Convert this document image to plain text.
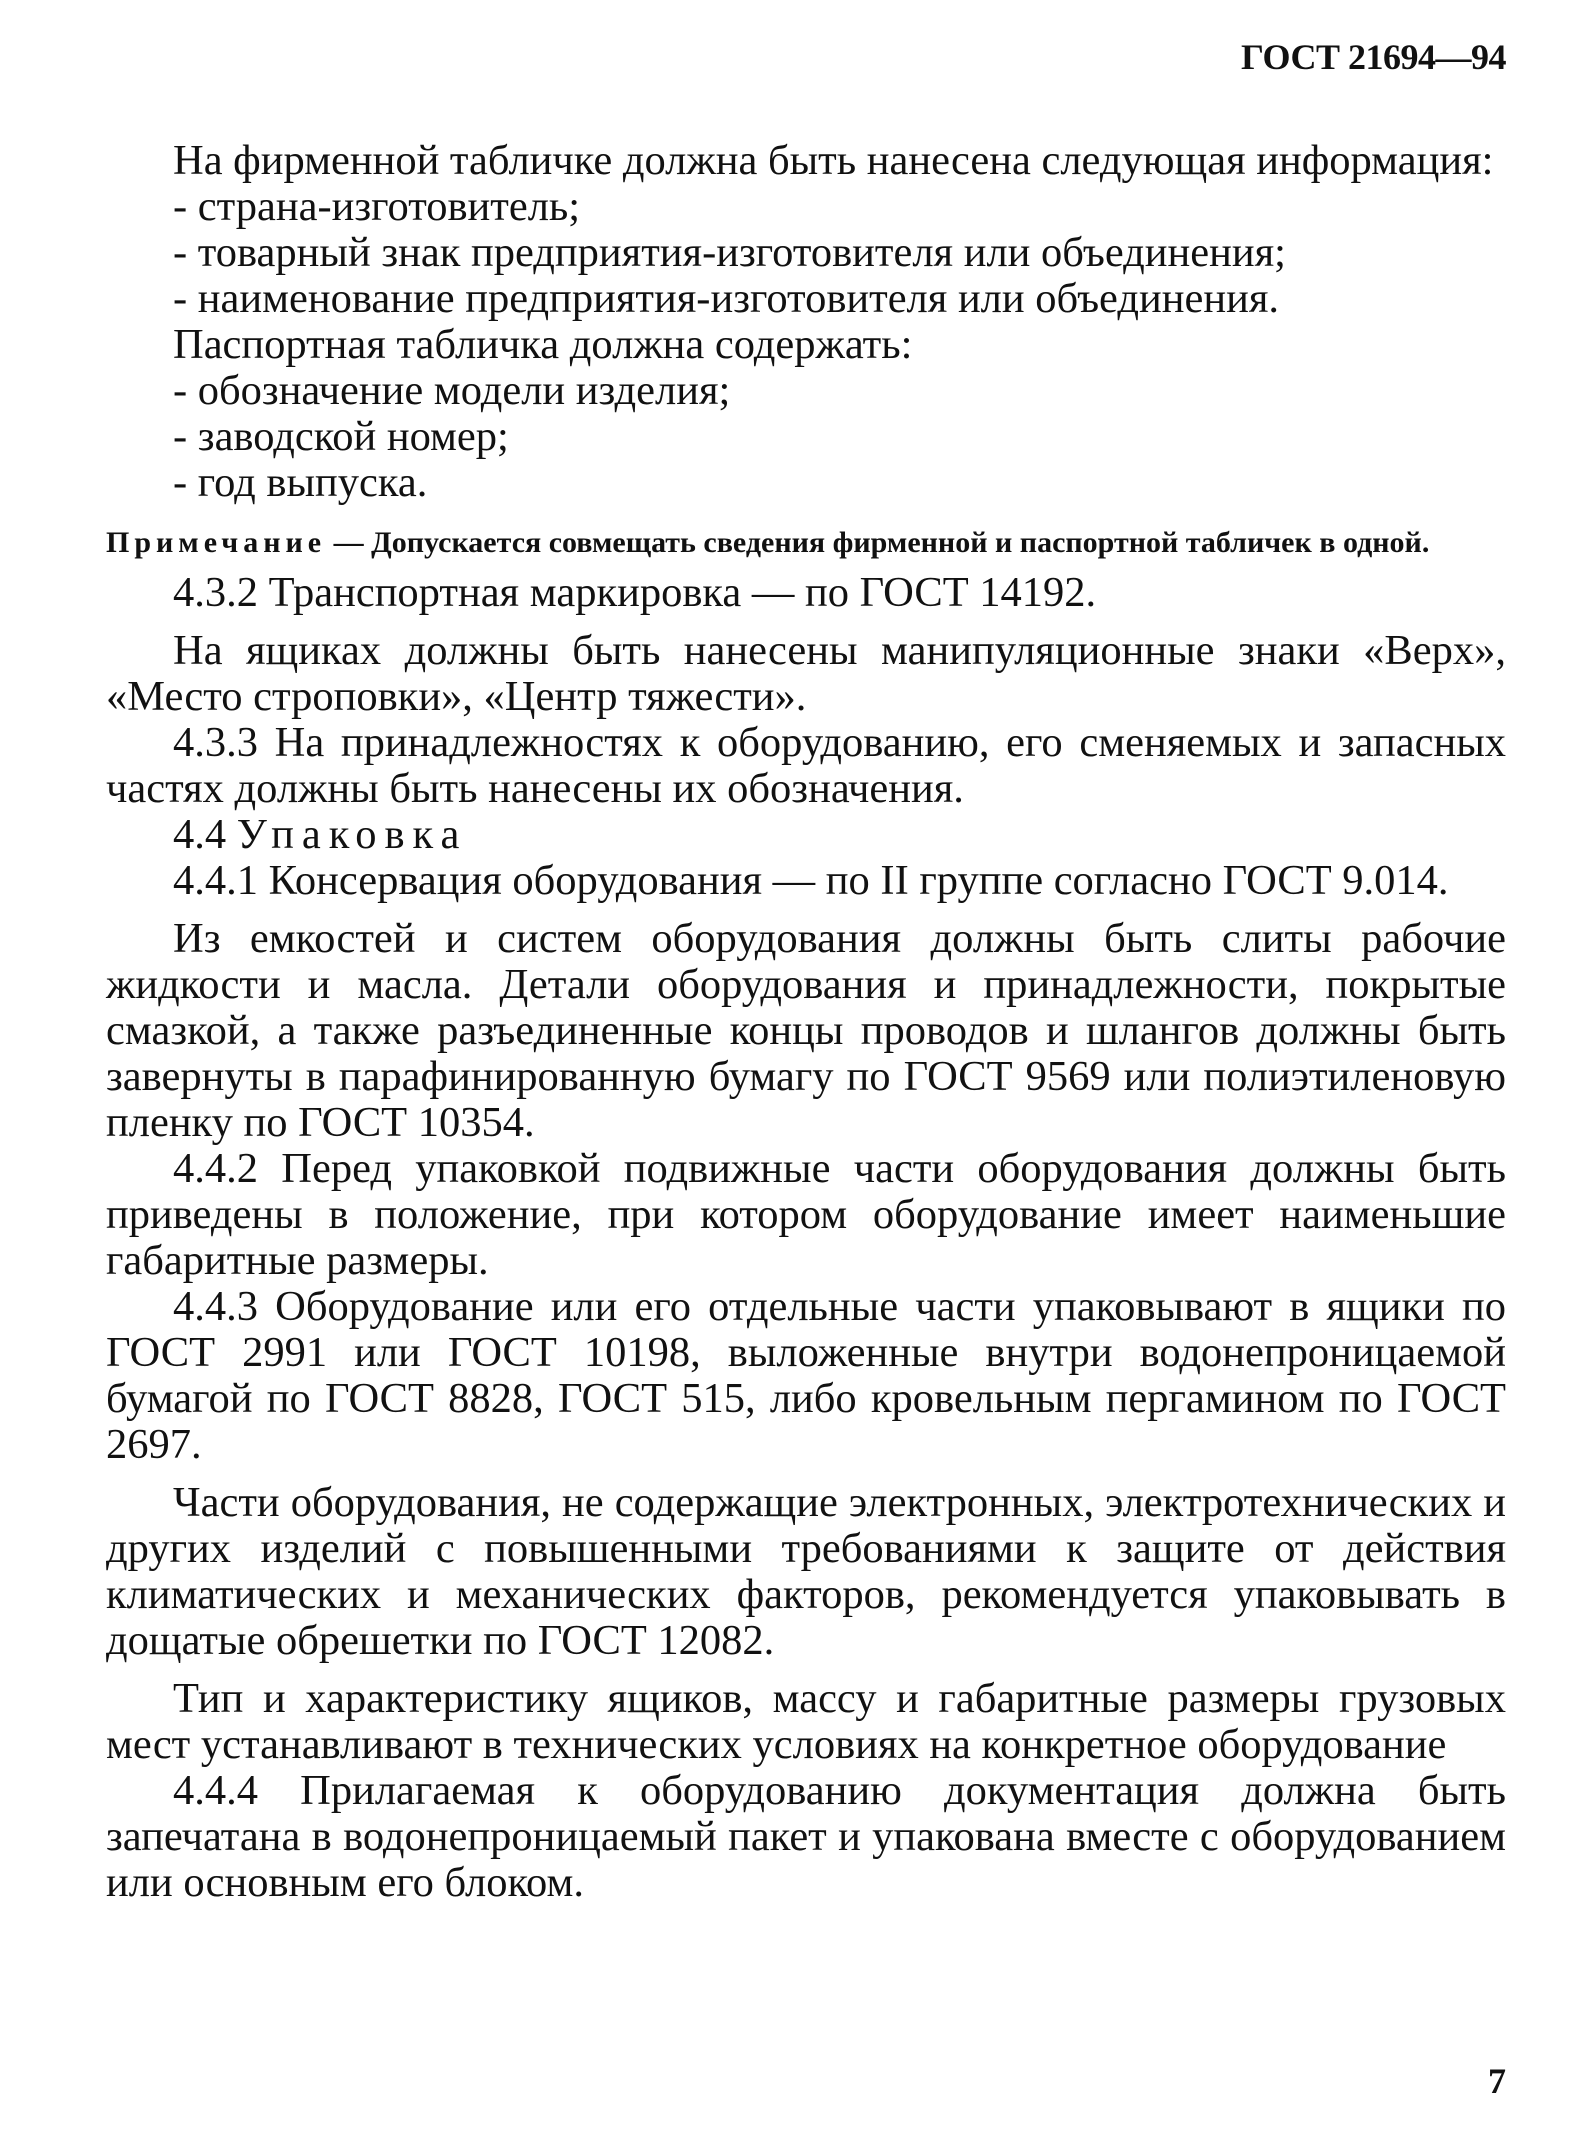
ГОСТ 21694—94

На фирменной табличке должна быть нанесена следующая информация:

- страна-изготовитель;

- товарный знак предприятия-изготовителя или объединения;

- наименование предприятия-изготовителя или объединения.

Паспортная табличка должна содержать:

- обозначение модели изделия;

- заводской номер;

- год выпуска.

Примечание — Допускается совмещать сведения фирменной и паспортной табличек в одной.

4.3.2 Транспортная маркировка — по ГОСТ 14192.

На ящиках должны быть нанесены манипуляционные знаки «Верх», «Место строповки», «Центр тяжести».

4.3.3 На принадлежностях к оборудованию, его сменяемых и запасных частях должны быть нанесены их обозначения.

4.4 Упаковка

4.4.1 Консервация оборудования — по II группе согласно ГОСТ 9.014.

Из емкостей и систем оборудования должны быть слиты рабочие жидкости и масла. Детали оборудования и принадлежности, покрытые смазкой, а также разъединенные концы проводов и шлангов должны быть завернуты в парафинированную бумагу по ГОСТ 9569 или полиэтиленовую пленку по ГОСТ 10354.

4.4.2 Перед упаковкой подвижные части оборудования должны быть приведены в положение, при котором оборудование имеет наименьшие габаритные размеры.

4.4.3 Оборудование или его отдельные части упаковывают в ящики по ГОСТ 2991 или ГОСТ 10198, выложенные внутри водонепроницаемой бумагой по ГОСТ 8828, ГОСТ 515, либо кровельным пергамином по ГОСТ 2697.

Части оборудования, не содержащие электронных, электротехнических и других изделий с повышенными требованиями к защите от действия климатических и механических факторов, рекомендуется упаковывать в дощатые обрешетки по ГОСТ 12082.

Тип и характеристику ящиков, массу и габаритные размеры грузовых мест устанавливают в технических условиях на конкретное оборудование

4.4.4 Прилагаемая к оборудованию документация должна быть запечатана в водонепроницаемый пакет и упакована вместе с оборудованием или основным его блоком.

7
